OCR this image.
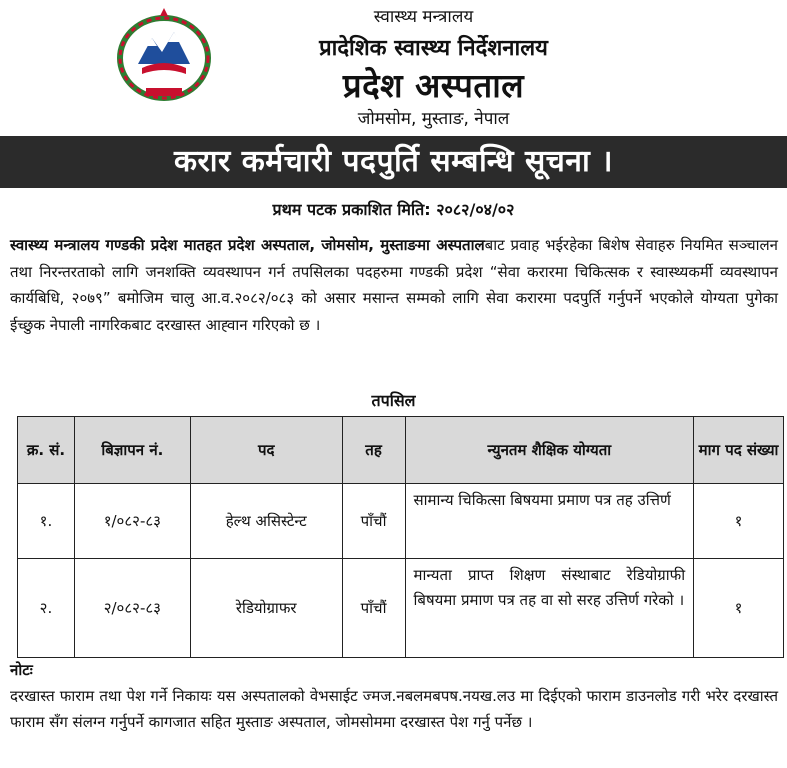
स्वास्थ्य मन्त्रालय
प्रादेशिक स्वास्थ्य निर्देशनालय
प्रदेश अस्पताल
जोमसोम, मुस्ताङ, नेपाल
करार कर्मचारी पदपुर्ति सम्बन्धि सूचना ।
प्रथम पटक प्रकाशित मिति: २०८२/०४/०२
स्वास्थ्य मन्त्रालय गण्डकी प्रदेश मातहत प्रदेश अस्पताल, जोमसोम, मुस्ताङमा अस्पतालबाट प्रवाह भईरहेका बिशेष सेवाहरु नियमित सञ्चालन तथा निरन्तरताको लागि जनशक्ति व्यवस्थापन गर्न तपसिलका पदहरुमा गण्डकी प्रदेश “सेवा करारमा चिकित्सक र स्वास्थ्यकर्मी व्यवस्थापन कार्यबिधि, २०७९” बमोजिम चालु आ.व.२०८२/०८३ को असार मसान्त सम्मको लागि सेवा करारमा पदपुर्ति गर्नुपर्ने भएकोले योग्यता पुगेका ईच्छुक नेपाली नागरिकबाट दरखास्त आह्‍वान गरिएको छ ।
तपसिल
क्र. सं.	बिज्ञापन नं.	पद	तह	न्युनतम शैक्षिक योग्यता	माग पद संख्या
१.	१/०८२-८३	हेल्थ असिस्टेन्ट	पाँचौं	सामान्य चिकित्सा बिषयमा प्रमाण पत्र तह उत्तिर्ण	१
२.	२/०८२-८३	रेडियोग्राफर	पाँचौं	मान्यता प्राप्त शिक्षण संस्थाबाट रेडियोग्राफी बिषयमा प्रमाण पत्र तह वा सो सरह उत्तिर्ण गरेको ।	१
नोटः
दरखास्त फाराम तथा पेश गर्ने निकायः यस अस्पतालको वेभसाईट ज्मज.नबलमबपष.नयख.लउ मा दिईएको फाराम डाउनलोड गरी भरेर दरखास्त फाराम सँग संलग्न गर्नुपर्ने कागजात सहित मुस्ताङ अस्पताल, जोमसोममा दरखास्त पेश गर्नु पर्नेछ ।
